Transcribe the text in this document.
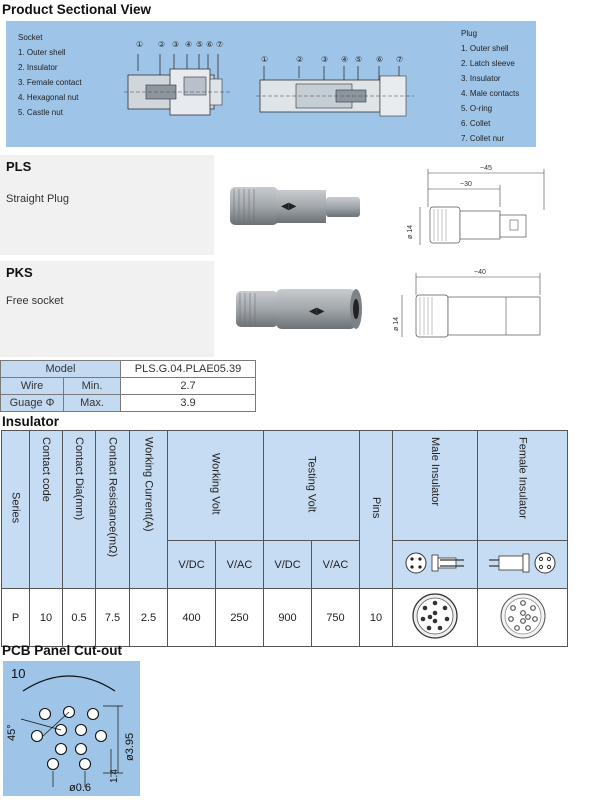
Product Sectional View
Socket
1. Outer shell
2. Insulator
3. Female contact
4. Hexagonal nut
5. Castle nut
① ② ③ ④ ⑤ ⑥ ⑦
①	② ③ ④ ⑤ ⑥ ⑦
Plug
1. Outer shell
2. Latch sleeve
3. Insulator
4. Male contacts
5. O-ring
6. Collet
7. Collet nur
PLS
Straight Plug
◀▶
~45
~30
ø 14
PKS
Free socket
◀▶
~40
ø 14
Model		PLS.G.04.PLAE05.39
Wire	Min.	2.7
Guage Φ	Max.	3.9
Insulator
Series	Contact code	Contact Dia(mm)	Contact Resistance(mΩ)	Working Current(A)	Working Volt		Testing Volt		Pins	Male Insulator	Female Insulator
					V/DC	V/AC	V/DC	V/AC		
P	10	0.5	7.5	2.5	400	250	900	750	10		
PCB Panel Cut-out
10
45°
ø3.95
1.4
ø0.6
